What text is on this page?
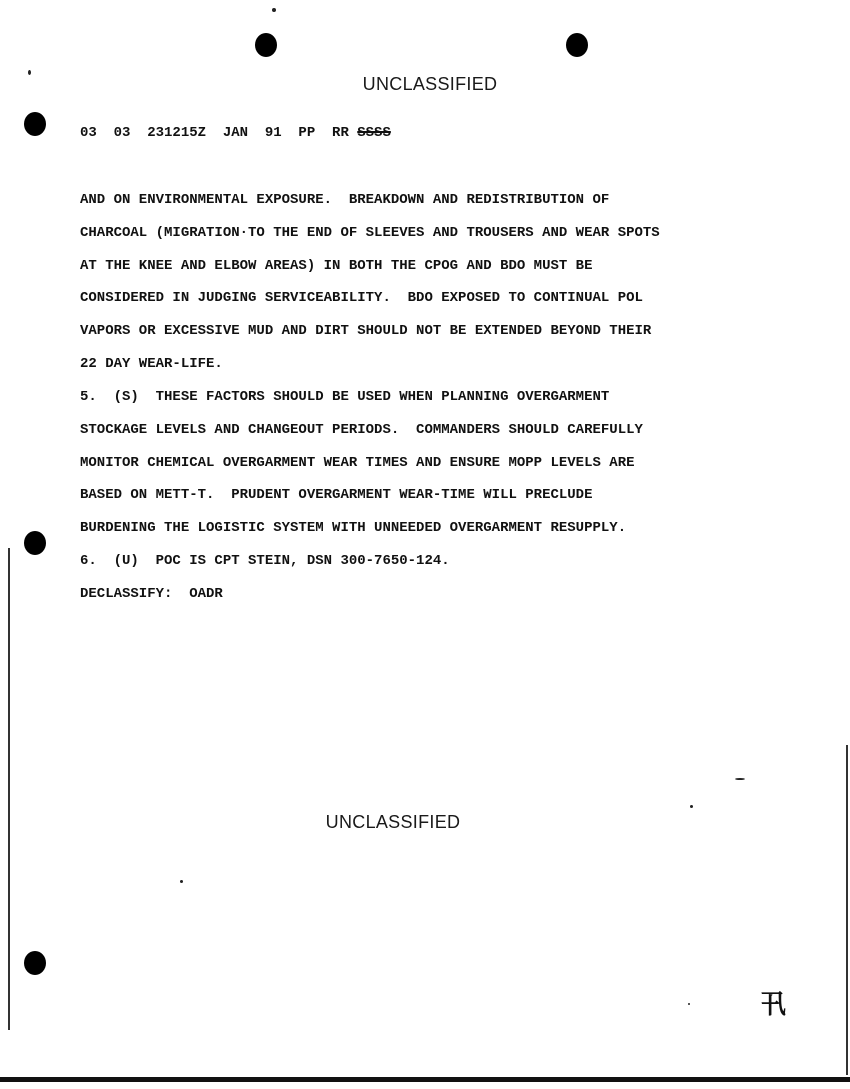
UNCLASSIFIED
03  03  231215Z  JAN  91  PP  RR SSSS
AND ON ENVIRONMENTAL EXPOSURE.  BREAKDOWN AND REDISTRIBUTION OF
CHARCOAL (MIGRATION·TO THE END OF SLEEVES AND TROUSERS AND WEAR SPOTS
AT THE KNEE AND ELBOW AREAS) IN BOTH THE CPOG AND BDO MUST BE
CONSIDERED IN JUDGING SERVICEABILITY.  BDO EXPOSED TO CONTINUAL POL
VAPORS OR EXCESSIVE MUD AND DIRT SHOULD NOT BE EXTENDED BEYOND THEIR
22 DAY WEAR-LIFE.
5.  (S)  THESE FACTORS SHOULD BE USED WHEN PLANNING OVERGARMENT
STOCKAGE LEVELS AND CHANGEOUT PERIODS.  COMMANDERS SHOULD CAREFULLY
MONITOR CHEMICAL OVERGARMENT WEAR TIMES AND ENSURE MOPP LEVELS ARE
BASED ON METT-T.  PRUDENT OVERGARMENT WEAR-TIME WILL PRECLUDE
BURDENING THE LOGISTIC SYSTEM WITH UNNEEDED OVERGARMENT RESUPPLY.
6.  (U)  POC IS CPT STEIN, DSN 300-7650-124.
DECLASSIFY:  OADR
UNCLASSIFIED
卂
